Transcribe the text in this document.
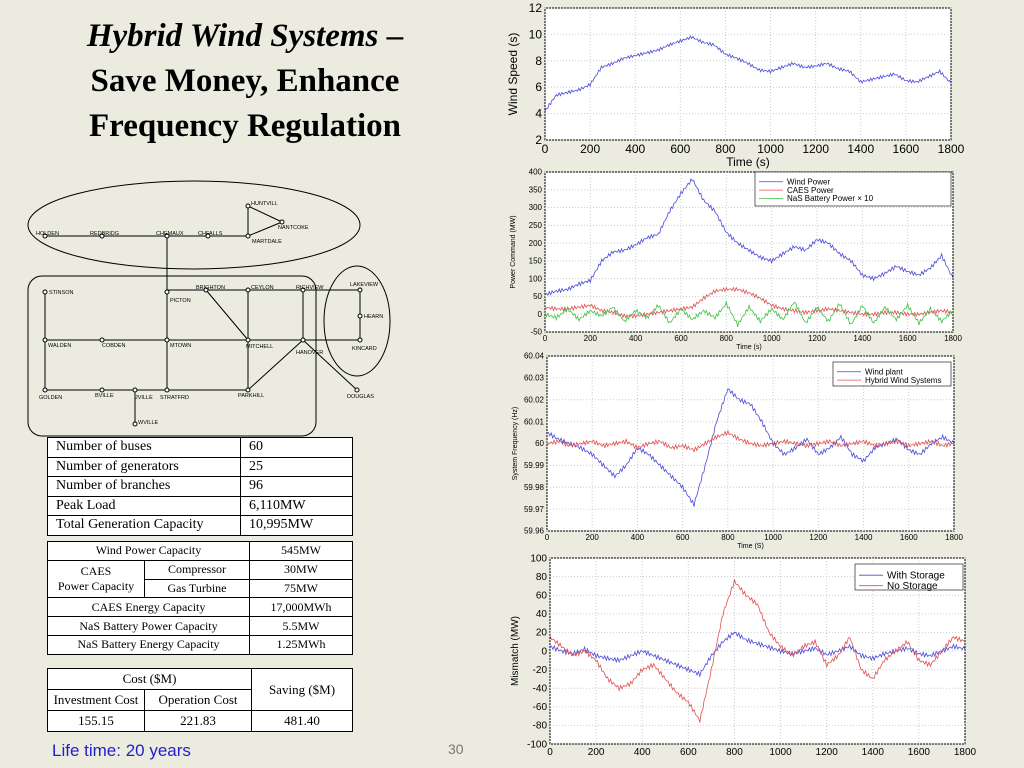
Hybrid Wind Systems –
Save Money, Enhance
Frequency Regulation
HUNTVILL
NANTCOKE
MARTDALE
HOLDEN	REDBRIDG	CHEMAUX	CHFALLS
STINSON
PICTON
BRIGHTON	CEYLON	RICHVIEW	LAKEVIEW
HEARN
KINCARD
WALDEN	COBDEN	MTOWN	MITCHELL
HANOVER
GOLDEN	BVILLE	JVILLE STRATFRD	PARKHILL	DOUGLAS
WVILLE
Number of buses	60
Number of generators	25
Number of branches	96
Peak Load	6,110MW
Total Generation Capacity	10,995MW
Wind Power Capacity		545MW
CAES
Power Capacity	Compressor	30MW
	Gas Turbine	75MW
CAES Energy Capacity		17,000MWh
NaS Battery Power Capacity		5.5MW
NaS Battery Energy Capacity		1.25MWh
Cost ($M)		Saving ($M)
Investment Cost	Operation Cost	
155.15	221.83	481.40
Life time: 20 years	30
0	200 400 600 800 1000 1200 1400 1600 1800
2
4
6
8
10
12
Time (s)
Wind Speed (s)
0	200	400	600	800	1000	1200	1400	1600	1800
-50
0
50
100
150
200
250
300
350
400
Time (s)
Power Command (MW)
Wind Power
CAES Power
NaS Battery Power × 10
0	200	400	600	800	1000	1200	1400	1600	1800
59.96
59.97
59.98
59.99
60
60.01
60.02
60.03
60.04
Time (S)
System Frequency (Hz)
Wind plant
Hybrid Wind Systems
0	200	400	600	800	1000 1200 1400 1600 1800
-100
-80
-60
-40
-20
0
20
40
60
80
100
Mismatch (MW)
With Storage
No Storage
